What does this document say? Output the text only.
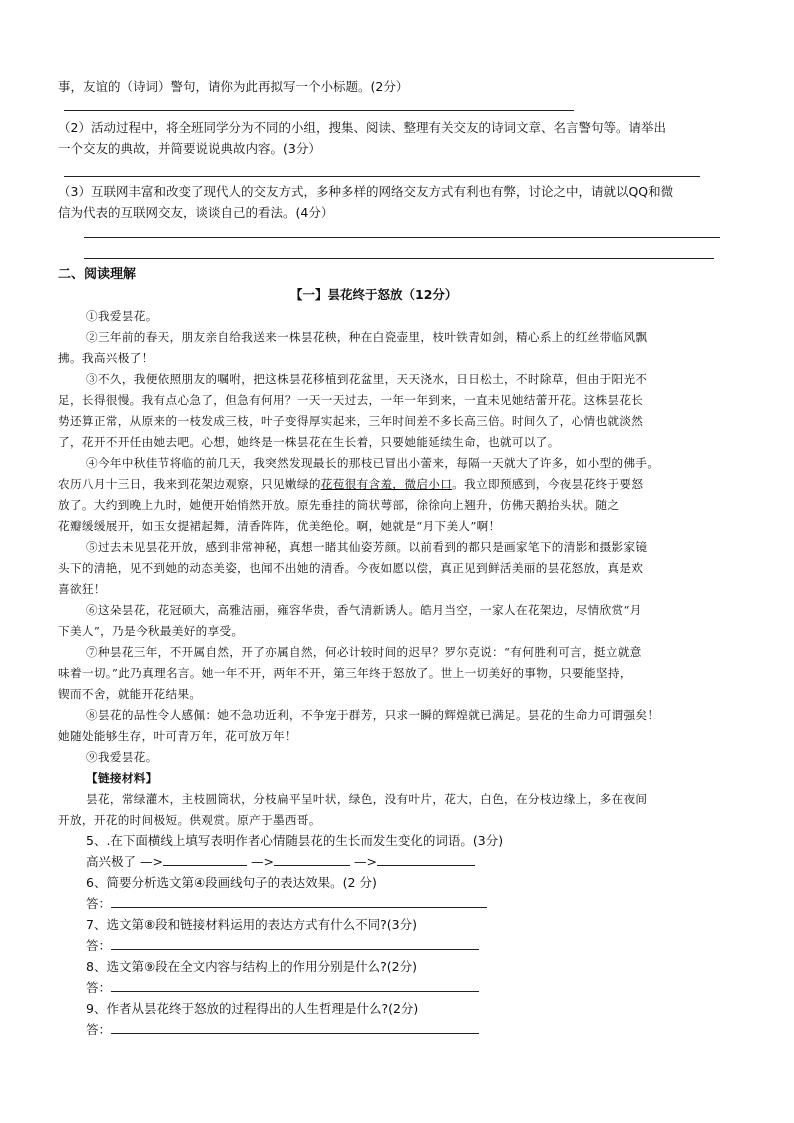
事，友谊的（诗词）警句，请你为此再拟写一个小标题。(2分）
（2）活动过程中，将全班同学分为不同的小组，搜集、阅读、整理有关交友的诗词文章、名言警句等。请举出
一个交友的典故，并简要说说典故内容。(3分）
（3）互联网丰富和改变了现代人的交友方式，多种多样的网络交友方式有利也有弊，讨论之中，请就以QQ和微
信为代表的互联网交友，谈谈自己的看法。(4分）
二、阅读理解
【一】昙花终于怒放（12分）
①我爱昙花。
②三年前的春天，朋友亲自给我送来一株昙花秧，种在白瓷壶里，枝叶铁青如剑，精心系上的红丝带临风飘
拂。我高兴极了！
③不久，我便依照朋友的嘱咐，把这株昙花移植到花盆里，天天浇水，日日松土，不时除草，但由于阳光不
足，长得很慢。我有点心急了，但急有何用？一天一天过去，一年一年到来，一直未见她结蕾开花。这株昙花长
势还算正常，从原来的一枝发成三枝，叶子变得厚实起来，三年时间差不多长高三倍。时间久了，心情也就淡然
了，花开不开任由她去吧。心想，她终是一株昙花在生长着，只要她能延续生命，也就可以了。
④今年中秋佳节将临的前几天，我突然发现最长的那枝已冒出小蕾来，每隔一天就大了许多，如小型的佛手。
农历八月十三日，我来到花架边观察，只见嫩绿的花苞很有含羞，微启小口。我立即预感到，今夜昙花终于要怒
放了。大约到晚上九时，她便开始悄然开放。原先垂挂的筒状萼部，徐徐向上翘升，仿佛天鹅抬头状。随之
花瓣缓缓展开，如玉女提裙起舞，清香阵阵，优美绝伦。啊，她就是“月下美人”啊！
⑤过去未见昙花开放，感到非常神秘，真想一睹其仙姿芳颜。以前看到的都只是画家笔下的清影和摄影家镜
头下的清艳，见不到她的动态美姿，也闻不出她的清香。今夜如愿以偿，真正见到鲜活美丽的昙花怒放，真是欢
喜欲狂！
⑥这朵昙花，花冠硕大，高雅洁丽，雍容华贵，香气清新诱人。皓月当空，一家人在花架边，尽情欣赏“月
下美人”，乃是今秋最美好的享受。
⑦种昙花三年，不开属自然，开了亦属自然，何必计较时间的迟早？罗尔克说：“有何胜利可言，挺立就意
味着一切。”此乃真理名言。她一年不开，两年不开，第三年终于怒放了。世上一切美好的事物，只要能坚持，
锲而不舍，就能开花结果。
⑧昙花的品性令人感佩：她不急功近利，不争宠于群芳，只求一瞬的辉煌就已满足。昙花的生命力可谓强矣！
她随处能够生存，叶可青万年，花可放万年！
⑨我爱昙花。
【链接材料】
昙花，常绿灌木，主枝圆筒状，分枝扁平呈叶状，绿色，没有叶片，花大，白色，在分枝边缘上，多在夜间
开放，开花的时间极短。供观赏。原产于墨西哥。
5、.在下面横线上填写表明作者心情随昙花的生长而发生变化的词语。(3分)
高兴极了 —>	—>	—>
6、简要分析选文第④段画线句子的表达效果。(2 分)
答：
7、选文第⑧段和链接材料运用的表达方式有什么不同?(3分)
答：
8、选文第⑨段在全文内容与结构上的作用分别是什么?(2分)
答：
9、作者从昙花终于怒放的过程得出的人生哲理是什么?(2分)
答：
